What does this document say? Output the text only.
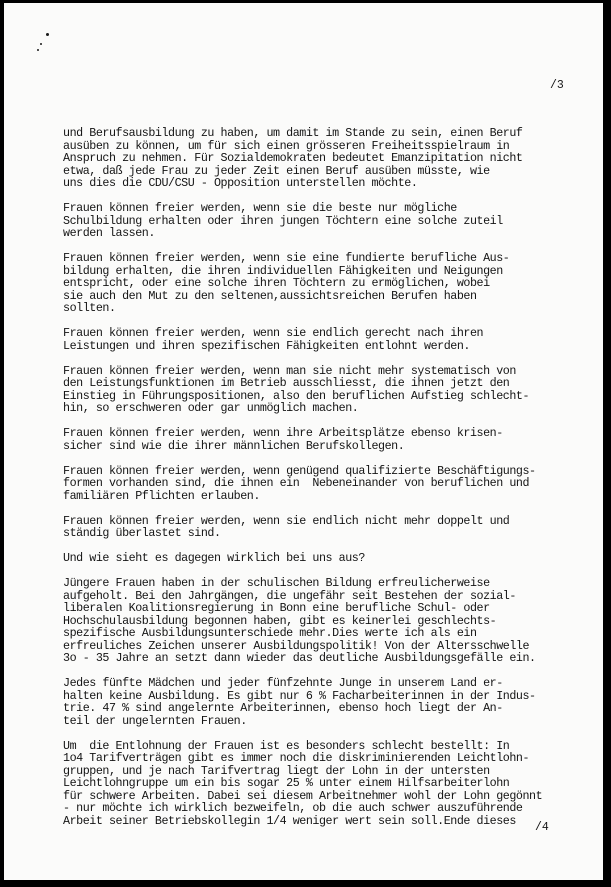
/3
und Berufsausbildung zu haben, um damit im Stande zu sein, einen Beruf
ausüben zu können, um für sich einen grösseren Freiheitsspielraum in
Anspruch zu nehmen. Für Sozialdemokraten bedeutet Emanzipitation nicht
etwa, daß jede Frau zu jeder Zeit einen Beruf ausüben müsste, wie
uns dies die CDU/CSU - Opposition unterstellen möchte.
Frauen können freier werden, wenn sie die beste nur mögliche
Schulbildung erhalten oder ihren jungen Töchtern eine solche zuteil
werden lassen.
Frauen können freier werden, wenn sie eine fundierte berufliche Aus-
bildung erhalten, die ihren individuellen Fähigkeiten und Neigungen
entspricht, oder eine solche ihren Töchtern zu ermöglichen, wobei
sie auch den Mut zu den seltenen,aussichtsreichen Berufen haben
sollten.
Frauen können freier werden, wenn sie endlich gerecht nach ihren
Leistungen und ihren spezifischen Fähigkeiten entlohnt werden.
Frauen können freier werden, wenn man sie nicht mehr systematisch von
den Leistungsfunktionen im Betrieb ausschliesst, die ihnen jetzt den
Einstieg in Führungspositionen, also den beruflichen Aufstieg schlecht-
hin, so erschweren oder gar unmöglich machen.
Frauen können freier werden, wenn ihre Arbeitsplätze ebenso krisen-
sicher sind wie die ihrer männlichen Berufskollegen.
Frauen können freier werden, wenn genügend qualifizierte Beschäftigungs-
formen vorhanden sind, die ihnen ein  Nebeneinander von beruflichen und
familiären Pflichten erlauben.
Frauen können freier werden, wenn sie endlich nicht mehr doppelt und
ständig überlastet sind.
Und wie sieht es dagegen wirklich bei uns aus?
Jüngere Frauen haben in der schulischen Bildung erfreulicherweise
aufgeholt. Bei den Jahrgängen, die ungefähr seit Bestehen der sozial-
liberalen Koalitionsregierung in Bonn eine berufliche Schul- oder
Hochschulausbildung begonnen haben, gibt es keinerlei geschlechts-
spezifische Ausbildungsunterschiede mehr.Dies werte ich als ein
erfreuliches Zeichen unserer Ausbildungspolitik! Von der Altersschwelle
3o - 35 Jahre an setzt dann wieder das deutliche Ausbildungsgefälle ein.
Jedes fünfte Mädchen und jeder fünfzehnte Junge in unserem Land er-
halten keine Ausbildung. Es gibt nur 6 % Facharbeiterinnen in der Indus-
trie. 47 % sind angelernte Arbeiterinnen, ebenso hoch liegt der An-
teil der ungelernten Frauen.
Um  die Entlohnung der Frauen ist es besonders schlecht bestellt: In
1o4 Tarifverträgen gibt es immer noch die diskriminierenden Leichtlohn-
gruppen, und je nach Tarifvertrag liegt der Lohn in der untersten
Leichtlohngruppe um ein bis sogar 25 % unter einem Hilfsarbeiterlohn
für schwere Arbeiten. Dabei sei diesem Arbeitnehmer wohl der Lohn gegönnt
- nur möchte ich wirklich bezweifeln, ob die auch schwer auszuführende
Arbeit seiner Betriebskollegin 1/4 weniger wert sein soll.Ende dieses	/4
